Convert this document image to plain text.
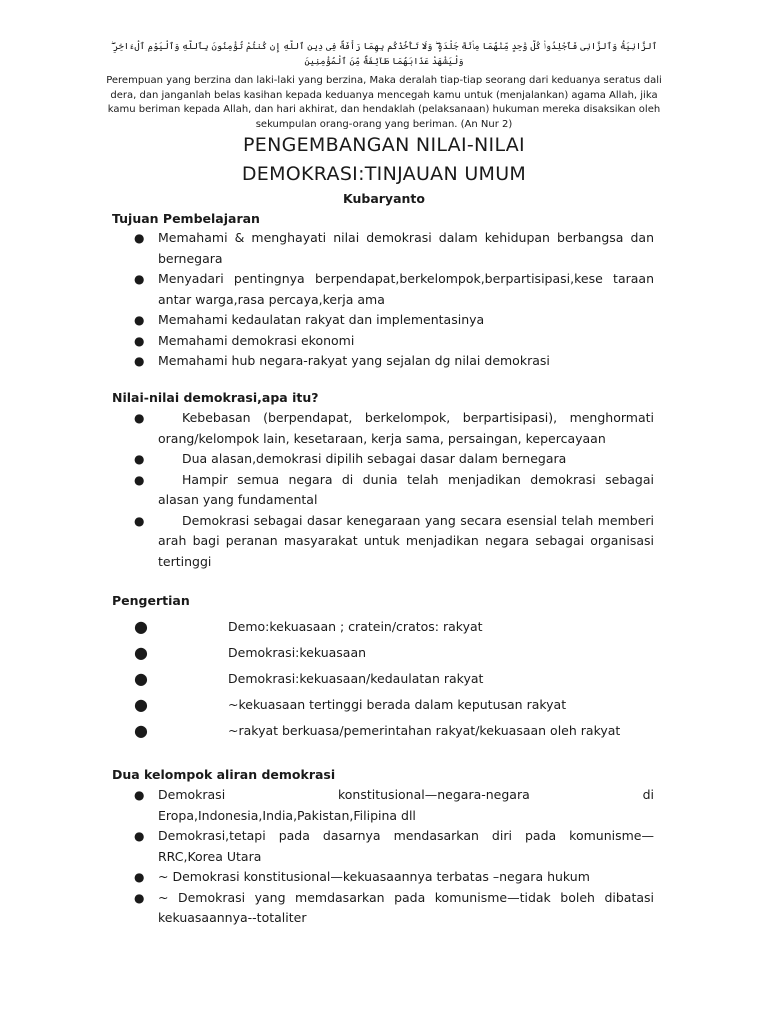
ٱلزَّانِيَةُ وَٱلزَّانِى فَٱجْلِدُوا۟ كُلَّ وَٰحِدٍ مِّنْهُمَا مِا۟ئَةَ جَلْدَةٍ ۖ وَلَا تَأْخُذْكُم بِهِمَا رَأْفَةٌ فِى دِينِ ٱللَّهِ إِن كُنتُمْ تُؤْمِنُونَ بِٱللَّهِ وَٱلْيَوْمِ ٱلْءَاخِرِ ۖ وَلْيَشْهَدْ عَذَابَهُمَا طَآئِفَةٌ مِّنَ ٱلْمُؤْمِنِينَ
Perempuan yang berzina dan laki-laki yang berzina, Maka deralah tiap-tiap seorang dari keduanya seratus dali dera, dan janganlah belas kasihan kepada keduanya mencegah kamu untuk (menjalankan) agama Allah, jika kamu beriman kepada Allah, dan hari akhirat, dan hendaklah (pelaksanaan) hukuman mereka disaksikan oleh sekumpulan orang-orang yang beriman. (An Nur 2)
PENGEMBANGAN NILAI-NILAI
DEMOKRASI:TINJAUAN UMUM
Kubaryanto
Tujuan Pembelajaran
● Memahami & menghayati nilai demokrasi dalam kehidupan berbangsa dan bernegara
● Menyadari pentingnya berpendapat,berkelompok,berpartisipasi,kese taraan antar warga,rasa percaya,kerja ama
● Memahami kedaulatan rakyat dan implementasinya
● Memahami demokrasi ekonomi
● Memahami hub negara-rakyat yang sejalan dg nilai demokrasi
Nilai-nilai demokrasi,apa itu?
●	Kebebasan (berpendapat, berkelompok, berpartisipasi), menghormati orang/kelompok lain, kesetaraan, kerja sama, persaingan, kepercayaan
●	Dua alasan,demokrasi dipilih sebagai dasar dalam bernegara
●	Hampir semua negara di dunia telah menjadikan demokrasi sebagai alasan yang fundamental
●	Demokrasi sebagai dasar kenegaraan yang secara esensial telah memberi arah bagi peranan masyarakat untuk menjadikan negara sebagai organisasi tertinggi
Pengertian
●	Demo:kekuasaan ; cratein/cratos: rakyat
●	Demokrasi:kekuasaan
●	Demokrasi:kekuasaan/kedaulatan rakyat
●	~kekuasaan tertinggi berada dalam keputusan rakyat
●	~rakyat berkuasa/pemerintahan rakyat/kekuasaan oleh rakyat
Dua kelompok aliran demokrasi
● Demokrasi konstitusional—negara-negara di Eropa,Indonesia,India,Pakistan,Filipina dll
● Demokrasi,tetapi pada dasarnya mendasarkan diri pada komunisme—RRC,Korea Utara
● ~ Demokrasi konstitusional—kekuasaannya terbatas –negara hukum
● ~ Demokrasi yang memdasarkan pada komunisme—tidak boleh dibatasi kekuasaannya--totaliter
